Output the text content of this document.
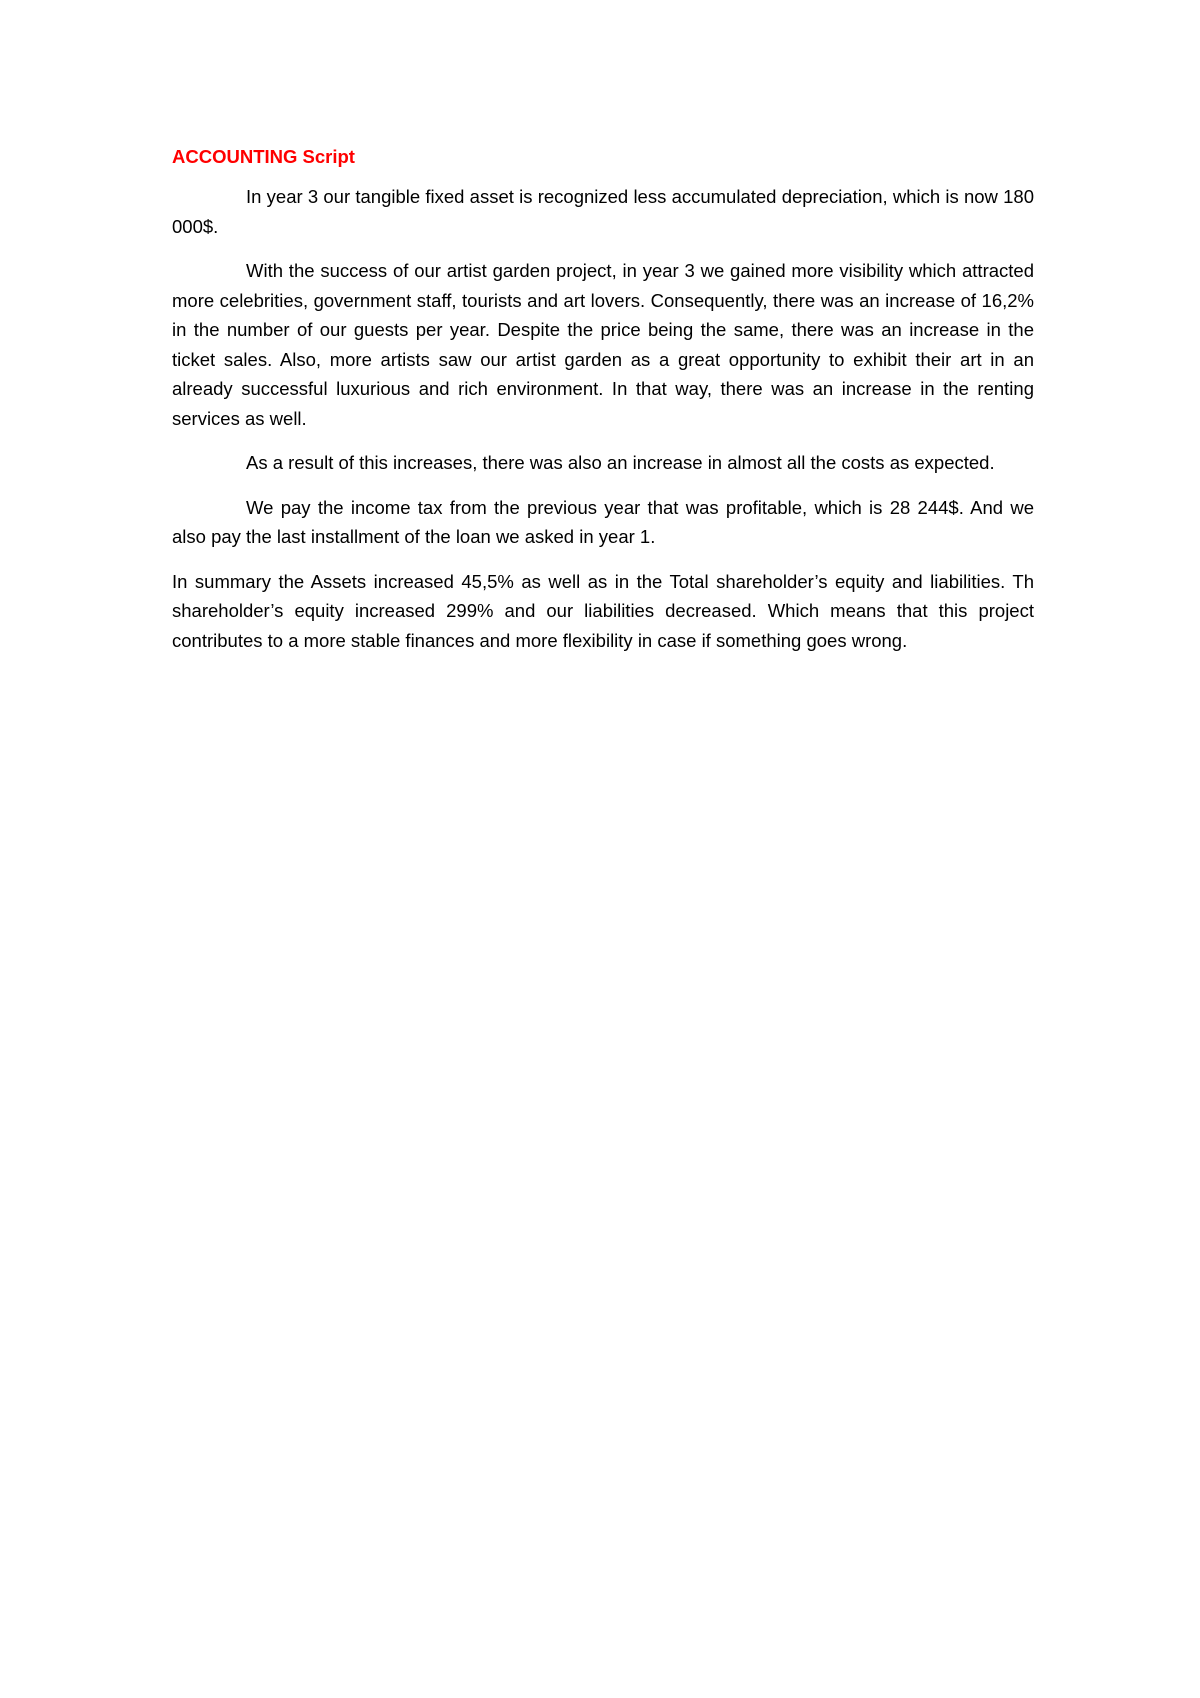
ACCOUNTING Script

In year 3 our tangible fixed asset is recognized less accumulated depreciation, which is now 180 000$.

With the success of our artist garden project, in year 3 we gained more visibility which attracted more celebrities, government staff, tourists and art lovers. Consequently, there was an increase of 16,2% in the number of our guests per year. Despite the price being the same, there was an increase in the ticket sales. Also, more artists saw our artist garden as a great opportunity to exhibit their art in an already successful luxurious and rich environment. In that way, there was an increase in the renting services as well.

As a result of this increases, there was also an increase in almost all the costs as expected.

We pay the income tax from the previous year that was profitable, which is 28 244$. And we also pay the last installment of the loan we asked in year 1.

In summary the Assets increased 45,5% as well as in the Total shareholder’s equity and liabilities. Th shareholder’s equity increased 299% and our liabilities decreased. Which means that this project contributes to a more stable finances and more flexibility in case if something goes wrong.
